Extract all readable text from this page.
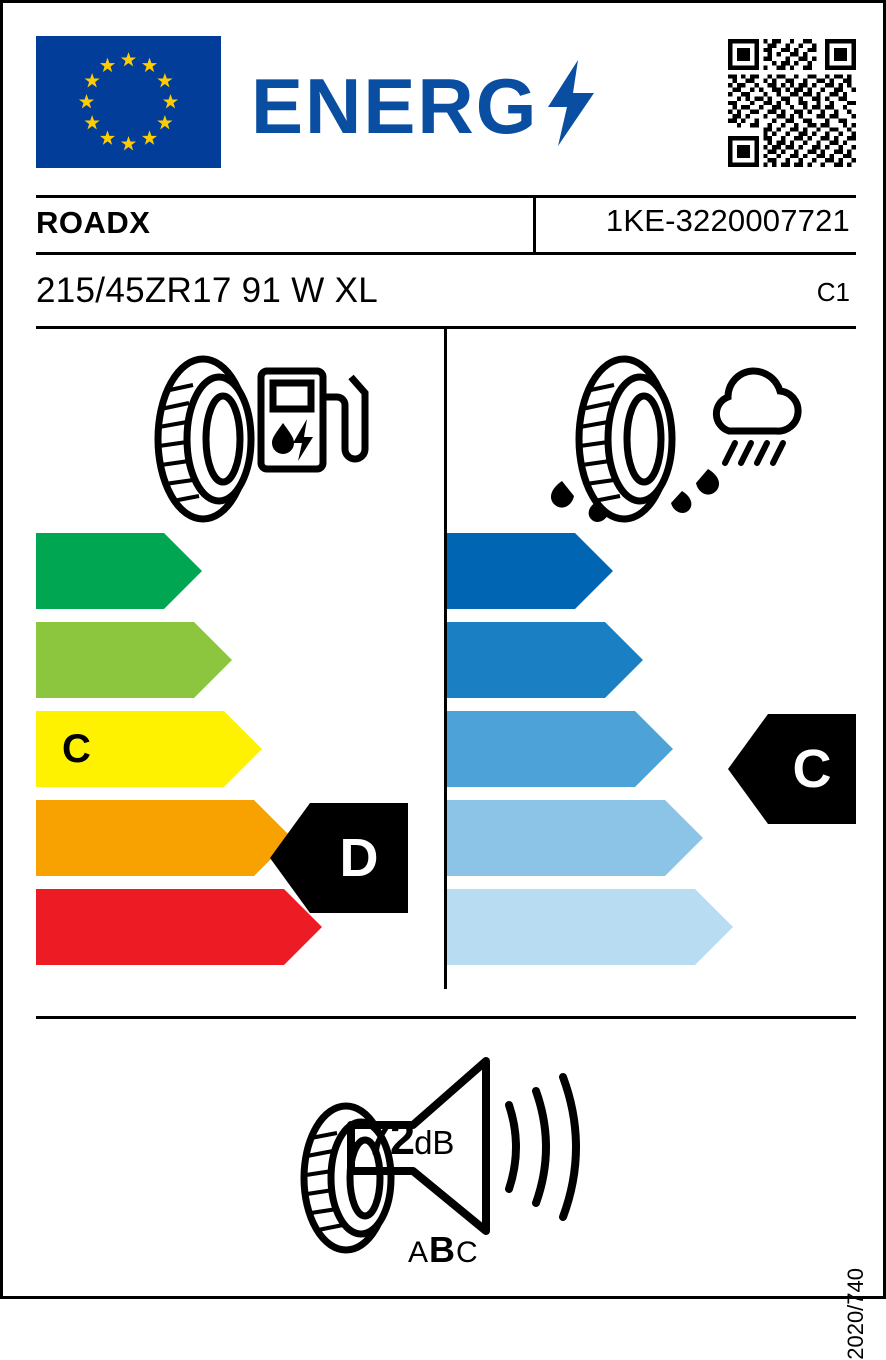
ENERG
ROADX	1KE-3220007721
215/45ZR17 91 W XL	C1
A
B
C
D
E
A
B
C
D
E
D
C
72dB
ABC
2020/740
